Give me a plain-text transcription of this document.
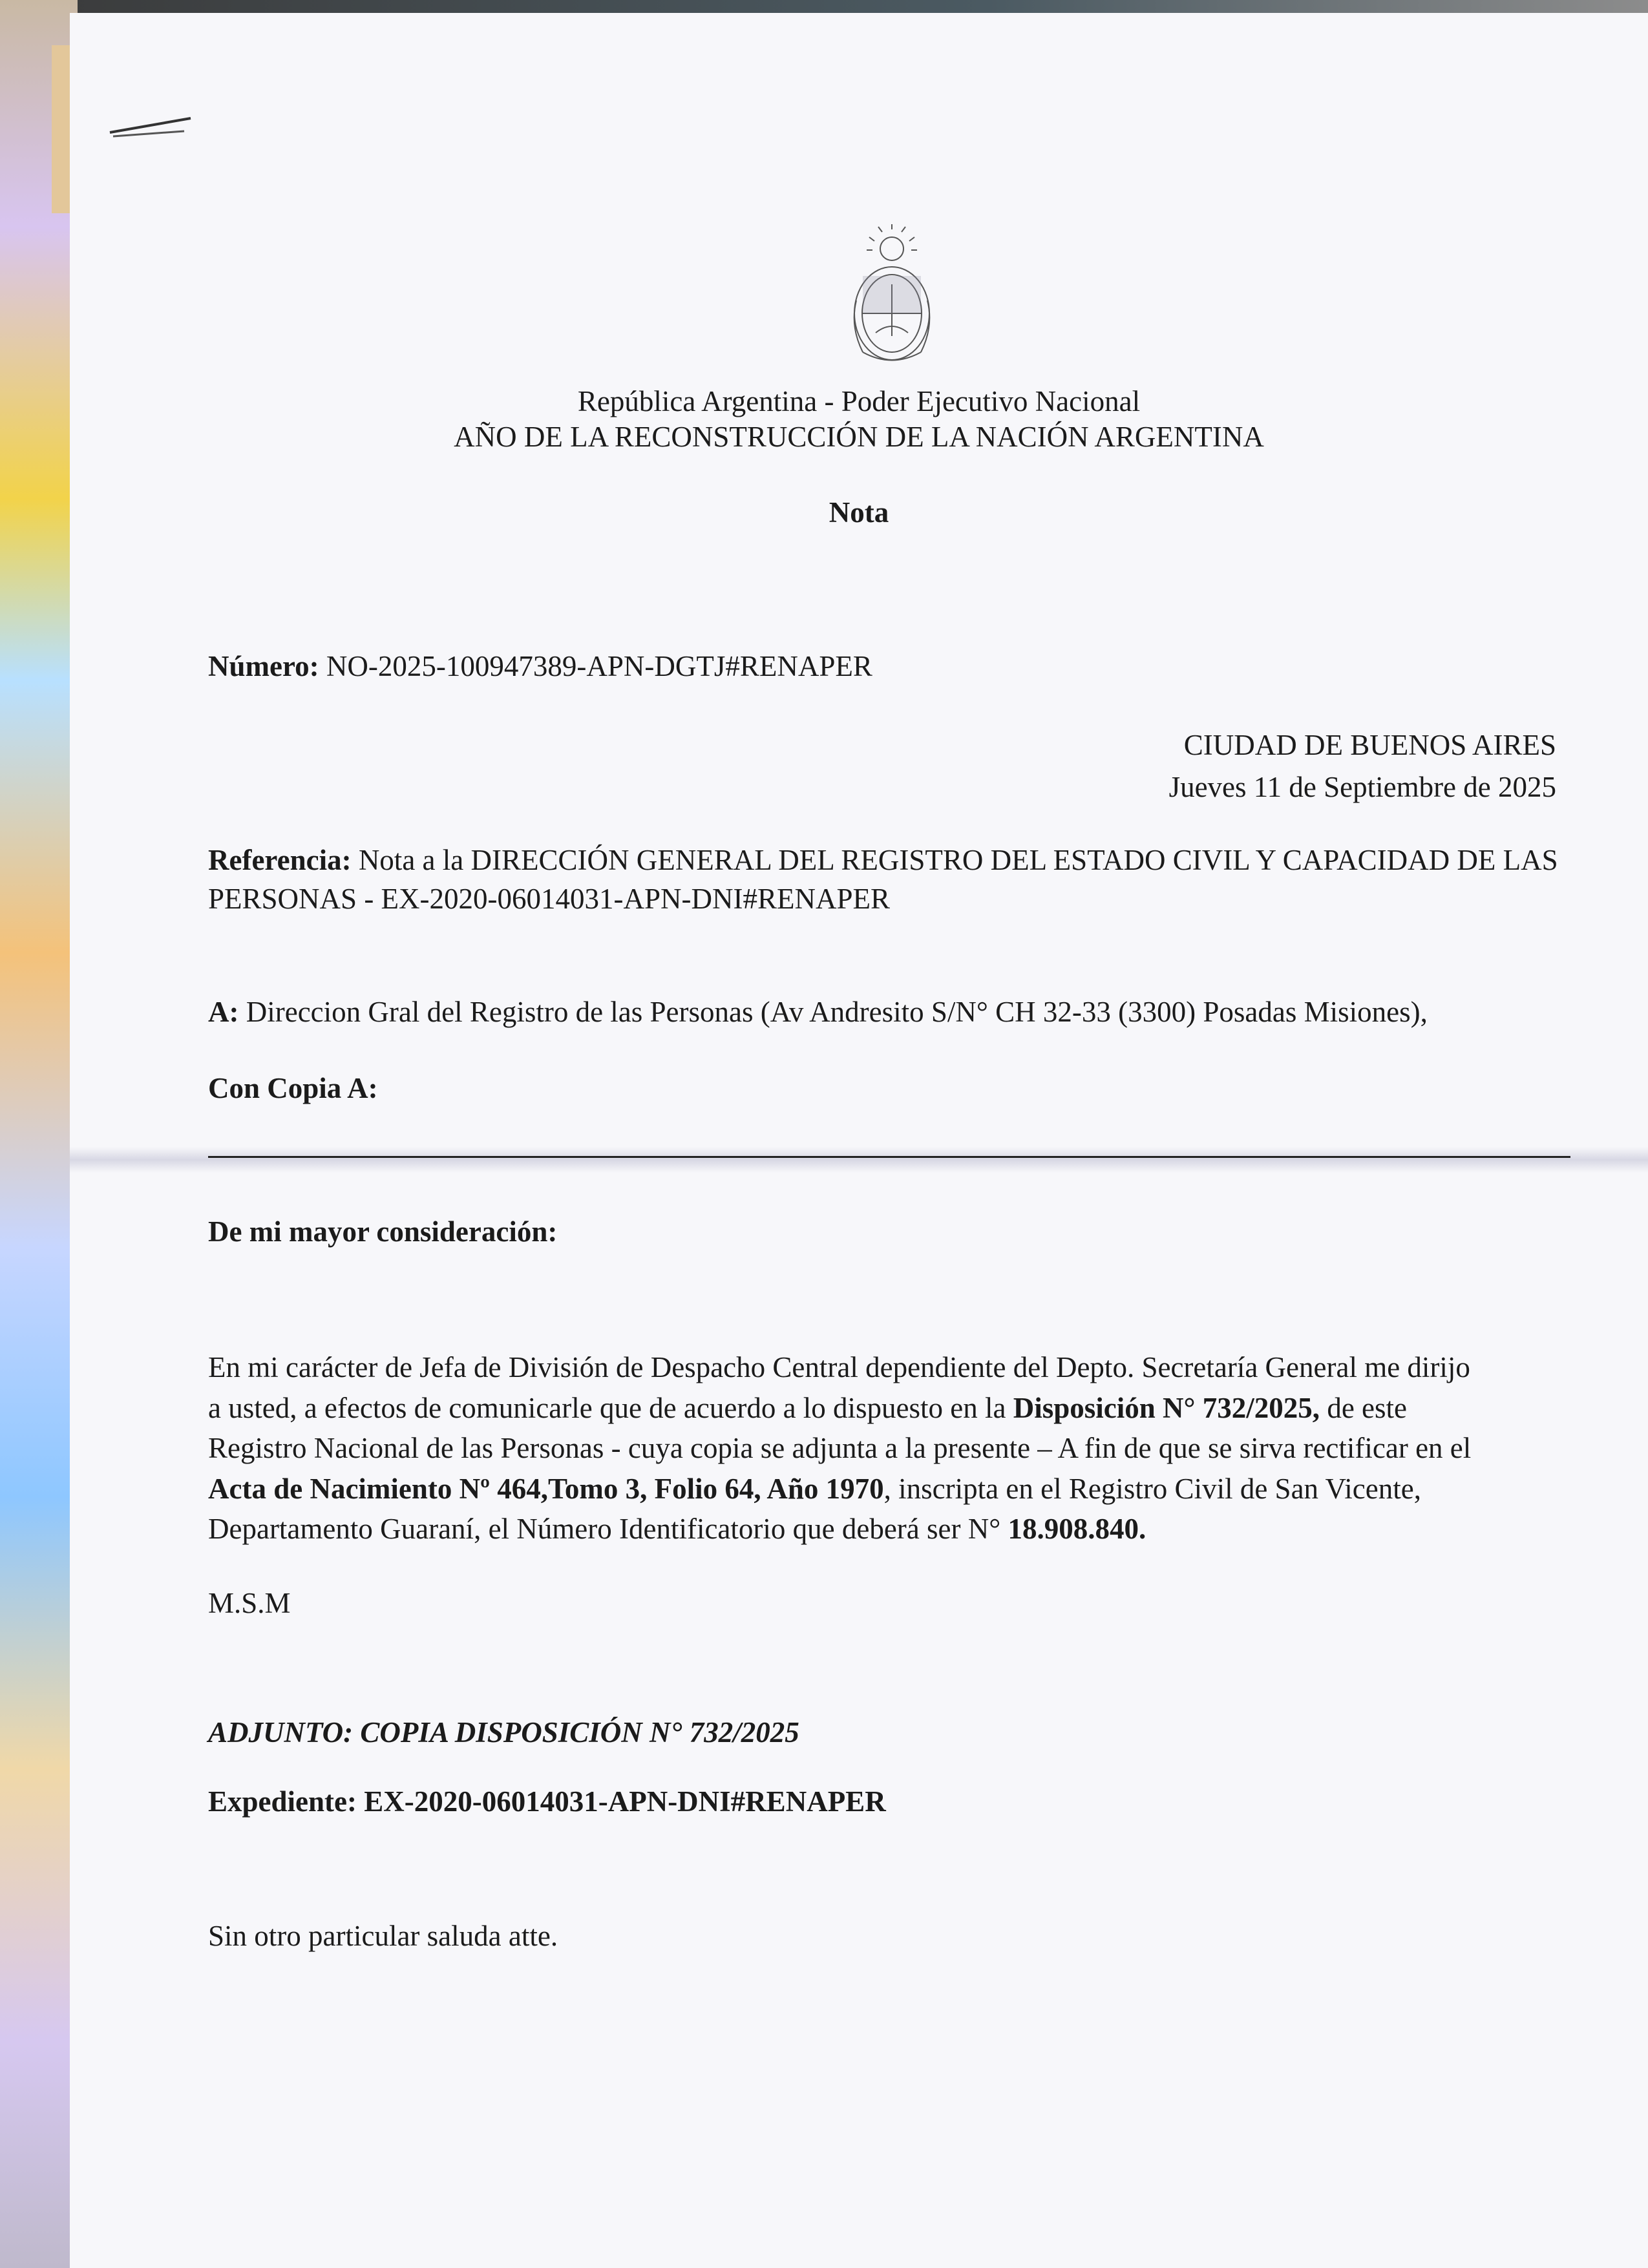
República Argentina - Poder Ejecutivo Nacional
AÑO DE LA RECONSTRUCCIÓN DE LA NACIÓN ARGENTINA
Nota
Número: NO-2025-100947389-APN-DGTJ#RENAPER
CIUDAD DE BUENOS AIRES
Jueves 11 de Septiembre de 2025
Referencia: Nota a la DIRECCIÓN GENERAL DEL REGISTRO DEL ESTADO CIVIL Y CAPACIDAD DE LAS
PERSONAS - EX-2020-06014031-APN-DNI#RENAPER
A: Direccion Gral del Registro de las Personas (Av Andresito S/N° CH 32-33 (3300) Posadas Misiones),
Con Copia A:
De mi mayor consideración:
En mi carácter de Jefa de División de Despacho Central dependiente del Depto. Secretaría General me dirijo
a usted, a efectos de comunicarle que de acuerdo a lo dispuesto en la Disposición N° 732/2025, de este
Registro Nacional de las Personas - cuya copia se adjunta a la presente – A fin de que se sirva rectificar en el
Acta de Nacimiento Nº 464,Tomo 3, Folio 64, Año 1970, inscripta en el Registro Civil de San Vicente,
Departamento Guaraní, el Número Identificatorio que deberá ser N° 18.908.840.
M.S.M
ADJUNTO: COPIA DISPOSICIÓN N° 732/2025
Expediente: EX-2020-06014031-APN-DNI#RENAPER
Sin otro particular saluda atte.
